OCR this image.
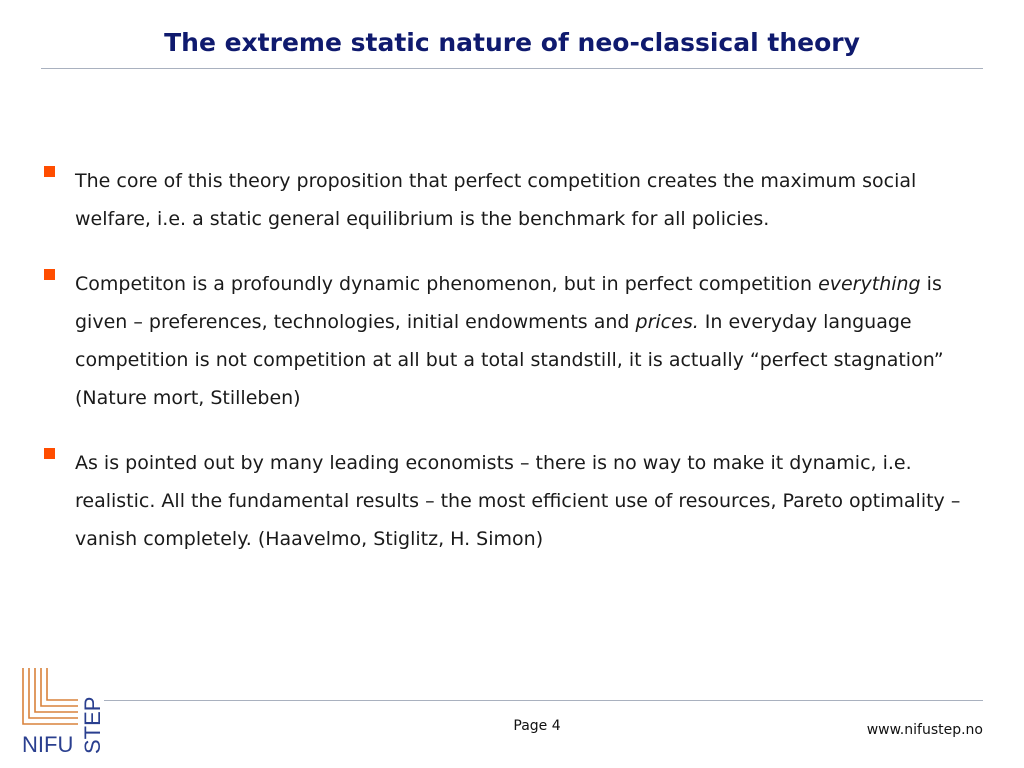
The extreme static nature of neo-classical theory
The core of this theory proposition that perfect competition creates the maximum social welfare, i.e. a static general equilibrium is the benchmark for all policies.
Competiton is a profoundly dynamic phenomenon, but in perfect competition everything is given – preferences, technologies, initial endowments and prices. In everyday language competition is not competition at all but a total standstill, it is actually “perfect stagnation” (Nature mort, Stilleben)
As is pointed out by many leading economists – there is no way to make it dynamic, i.e. realistic. All the fundamental results – the most efficient use of resources, Pareto optimality – vanish completely. (Haavelmo, Stiglitz, H. Simon)
NIFU STEP	Page 4	www.nifustep.no
